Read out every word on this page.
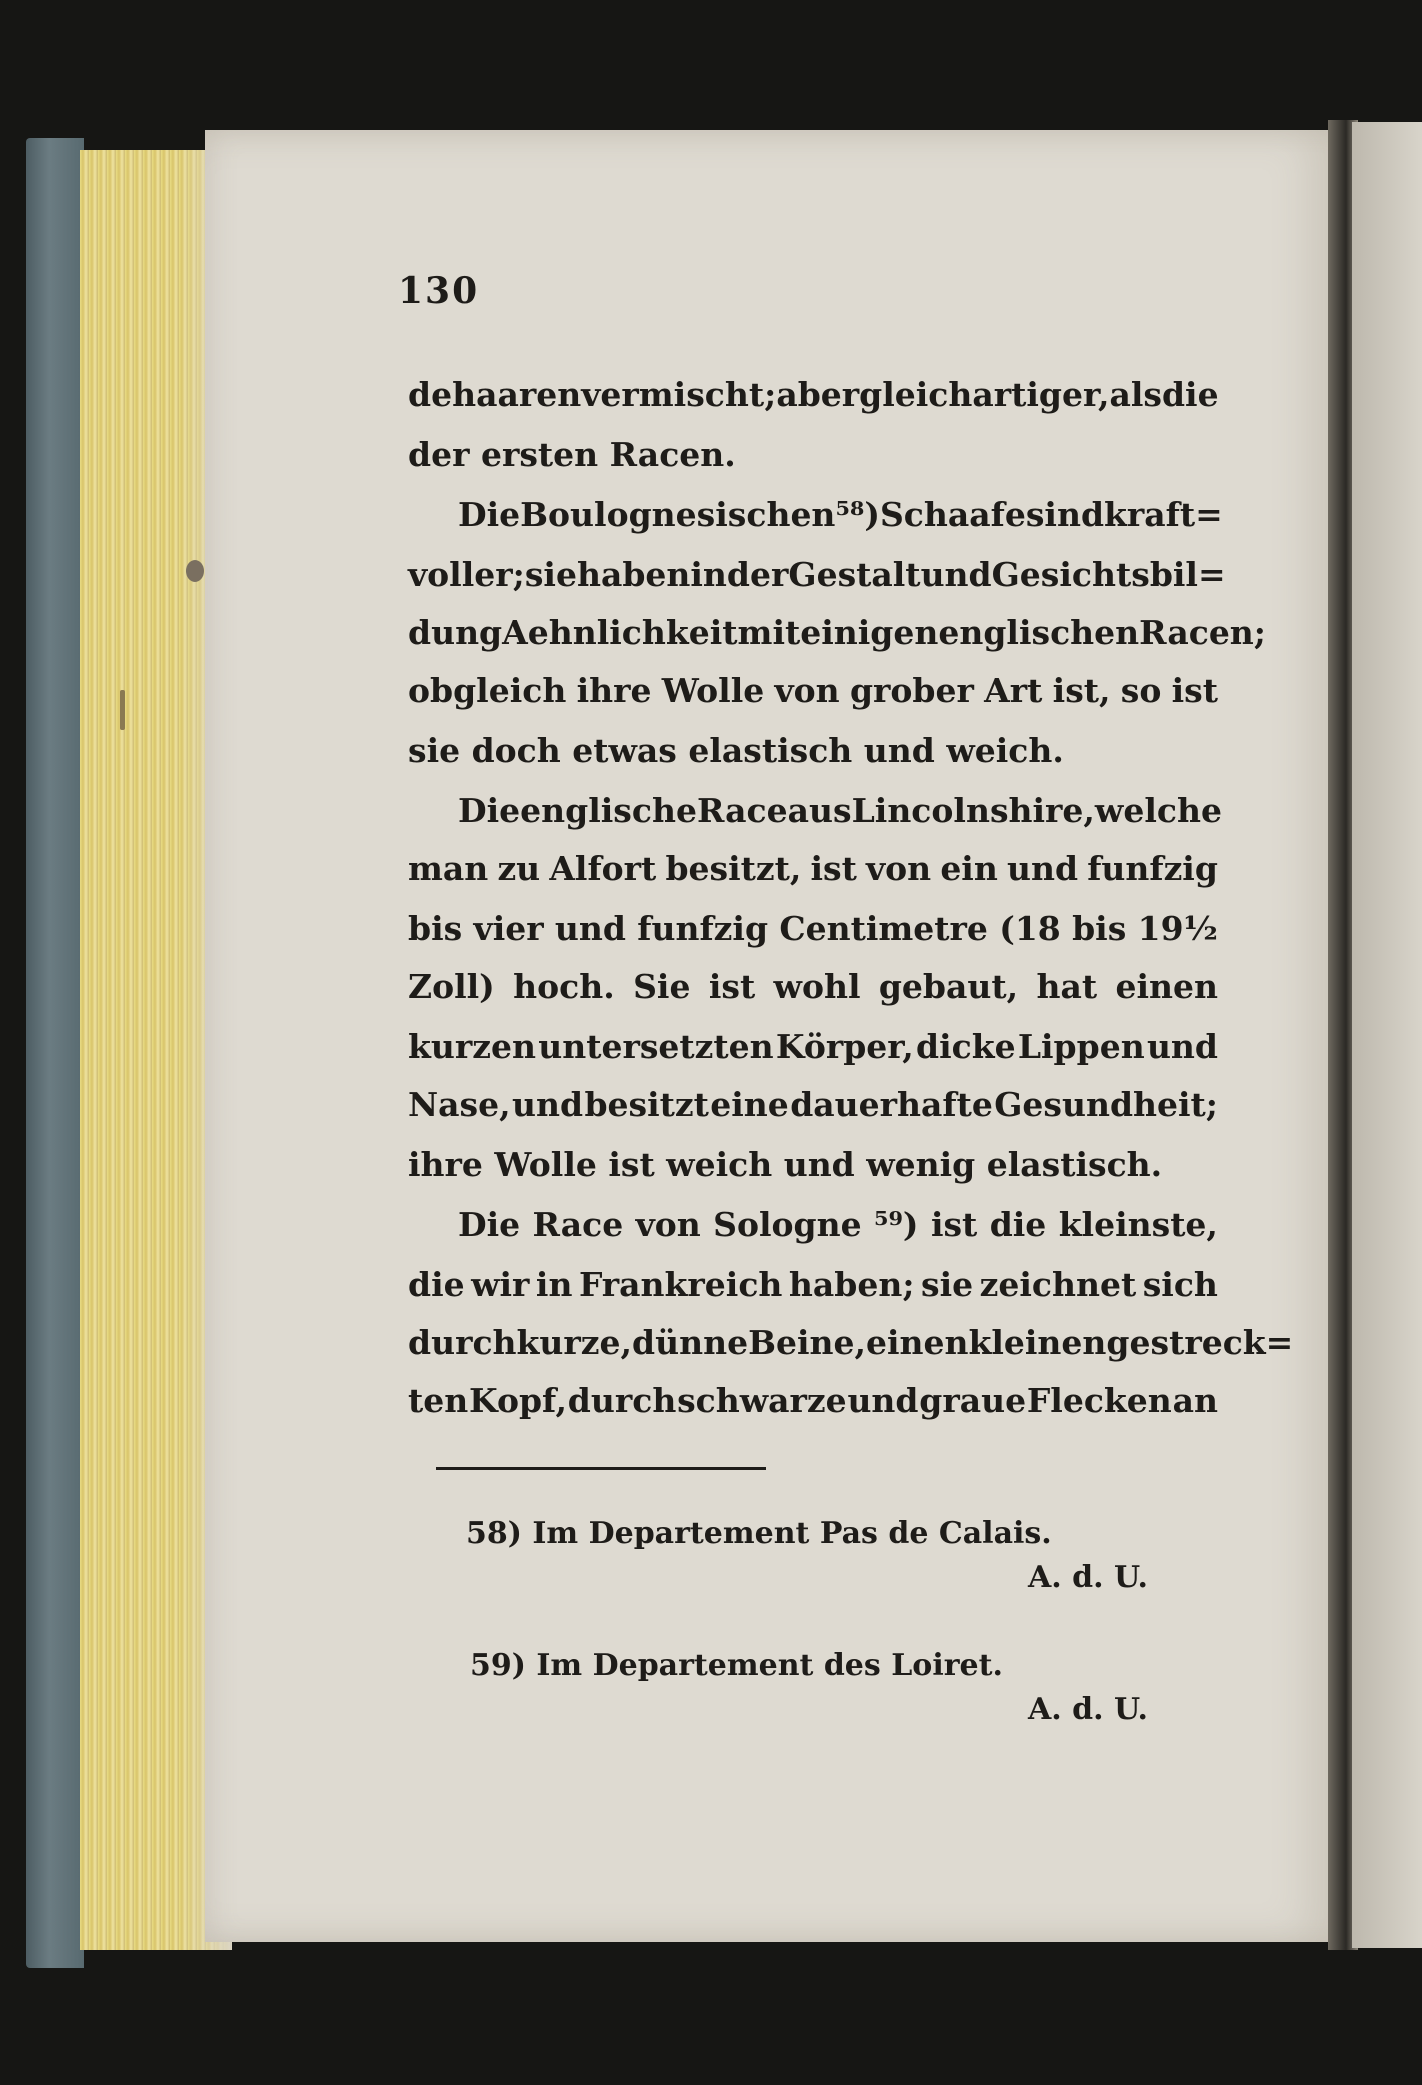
130
dehaaren vermischt; aber gleichartiger, als die
der ersten Racen.
Die Boulognesischen ⁵⁸) Schaafe sind kraft=
voller; sie haben in der Gestalt und Gesichtsbil=
dung Aehnlichkeit mit einigen englischen Racen;
obgleich ihre Wolle von grober Art ist, so ist
sie doch etwas elastisch und weich.
Die englische Race aus Lincolnshire, welche
man zu Alfort besitzt, ist von ein und funfzig
bis vier und funfzig Centimetre (18 bis 19½
Zoll) hoch. Sie ist wohl gebaut, hat einen
kurzen untersetzten Körper, dicke Lippen und
Nase, und besitzt eine dauerhafte Gesundheit;
ihre Wolle ist weich und wenig elastisch.
Die Race von Sologne ⁵⁹) ist die kleinste,
die wir in Frankreich haben; sie zeichnet sich
durch kurze, dünne Beine, einen kleinen gestreck=
ten Kopf, durch schwarze und graue Flecken an
58) Im Departement Pas de Calais.
A. d. U.
59) Im Departement des Loiret.
A. d. U.
